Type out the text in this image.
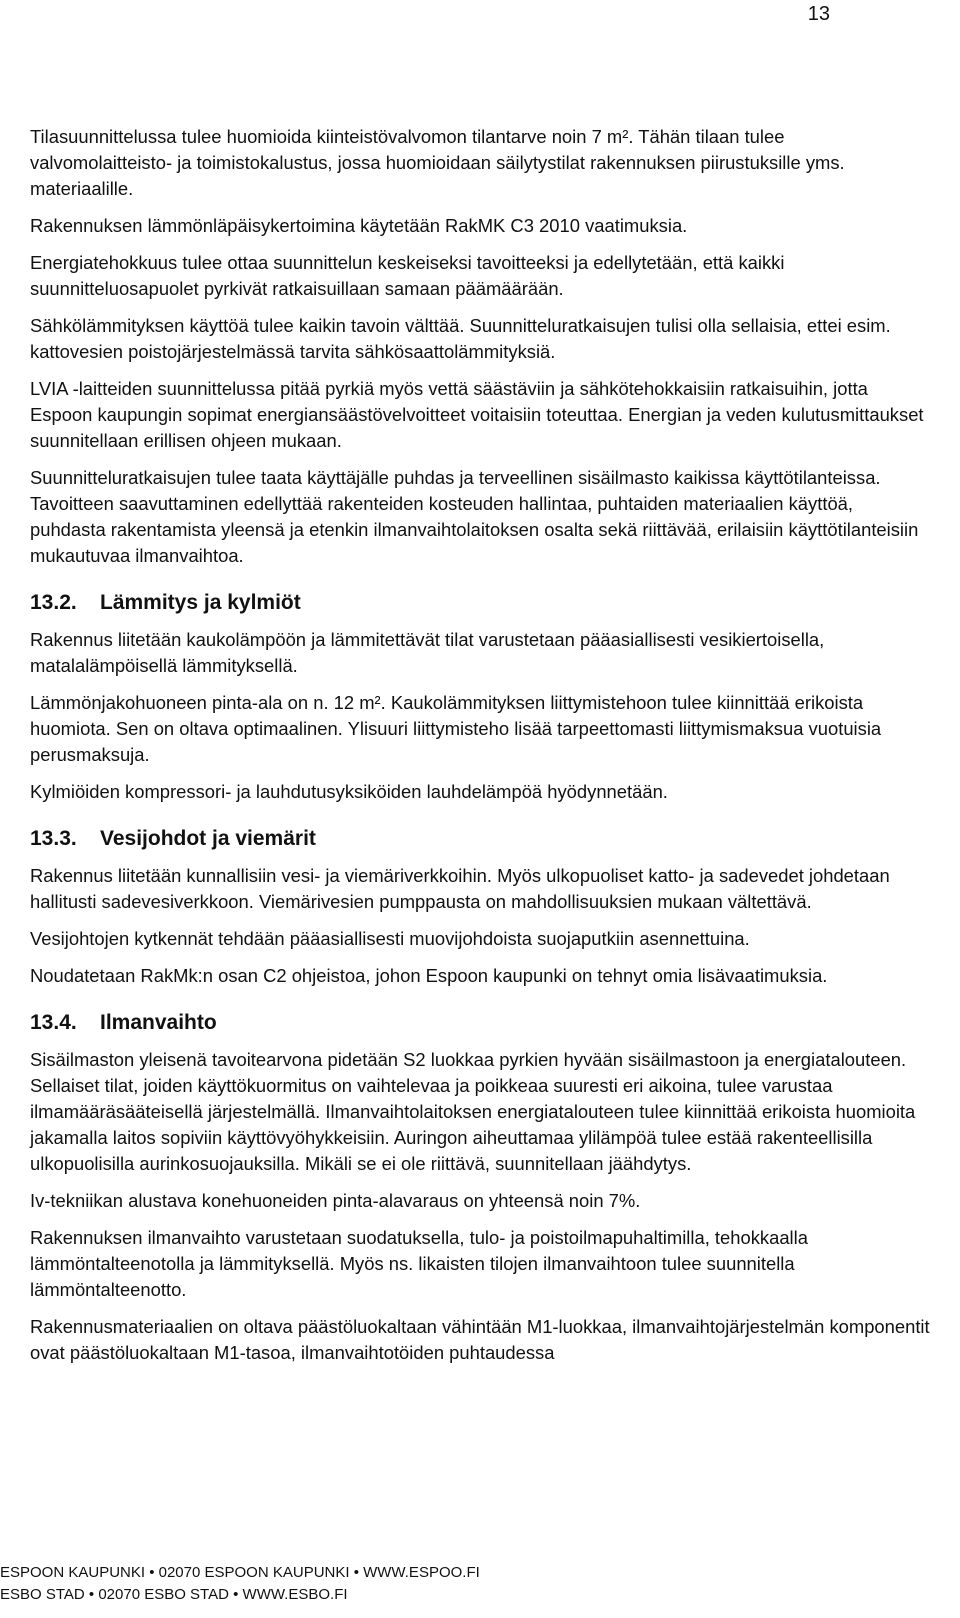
13

Tilasuunnittelussa tulee huomioida kiinteistövalvomon tilantarve noin 7 m². Tähän tilaan tulee valvomolaitteisto- ja toimistokalustus, jossa huomioidaan säilytystilat rakennuksen piirustuksille yms. materiaalille.

Rakennuksen lämmönläpäisykertoimina käytetään RakMK C3 2010 vaatimuksia.

Energiatehokkuus tulee ottaa suunnittelun keskeiseksi tavoitteeksi ja edellytetään, että kaikki suunnitteluosapuolet pyrkivät ratkaisuillaan samaan päämäärään.

Sähkölämmityksen käyttöä tulee kaikin tavoin välttää. Suunnitteluratkaisujen tulisi olla sellaisia, ettei esim. kattovesien poistojärjestelmässä tarvita sähkösaattolämmityksiä.

LVIA -laitteiden suunnittelussa pitää pyrkiä myös vettä säästäviin ja sähkötehokkaisiin ratkaisuihin, jotta Espoon kaupungin sopimat energiansäästövelvoitteet voitaisiin toteuttaa. Energian ja veden kulutusmittaukset suunnitellaan erillisen ohjeen mukaan.

Suunnitteluratkaisujen tulee taata käyttäjälle puhdas ja terveellinen sisäilmasto kaikissa käyttötilanteissa. Tavoitteen saavuttaminen edellyttää rakenteiden kosteuden hallintaa, puhtaiden materiaalien käyttöä, puhdasta rakentamista yleensä ja etenkin ilmanvaihtolaitoksen osalta sekä riittävää, erilaisiin käyttötilanteisiin mukautuvaa ilmanvaihtoa.

13.2. Lämmitys ja kylmiöt

Rakennus liitetään kaukolämpöön ja lämmitettävät tilat varustetaan pääasiallisesti vesikiertoisella, matalalämpöisellä lämmityksellä.

Lämmönjakohuoneen pinta-ala on n. 12 m². Kaukolämmityksen liittymistehoon tulee kiinnittää erikoista huomiota. Sen on oltava optimaalinen. Ylisuuri liittymisteho lisää tarpeettomasti liittymismaksua vuotuisia perusmaksuja.

Kylmiöiden kompressori- ja lauhdutusyksiköiden lauhdelämpöä hyödynnetään.

13.3. Vesijohdot ja viemärit

Rakennus liitetään kunnallisiin vesi- ja viemäriverkkoihin. Myös ulkopuoliset katto- ja sadevedet johdetaan hallitusti sadevesiverkkoon. Viemärivesien pumppausta on mahdollisuuksien mukaan vältettävä.

Vesijohtojen kytkennät tehdään pääasiallisesti muovijohdoista suojaputkiin asennettuina.

Noudatetaan RakMk:n osan C2 ohjeistoa, johon Espoon kaupunki on tehnyt omia lisävaatimuksia.

13.4. Ilmanvaihto

Sisäilmaston yleisenä tavoitearvona pidetään S2 luokkaa pyrkien hyvään sisäilmastoon ja energiatalouteen. Sellaiset tilat, joiden käyttökuormitus on vaihtelevaa ja poikkeaa suuresti eri aikoina, tulee varustaa ilmamääräsääteisellä järjestelmällä. Ilmanvaihtolaitoksen energiatalouteen tulee kiinnittää erikoista huomioita jakamalla laitos sopiviin käyttövyöhykkeisiin. Auringon aiheuttamaa ylilämpöä tulee estää rakenteellisilla ulkopuolisilla aurinkosuojauksilla. Mikäli se ei ole riittävä, suunnitellaan jäähdytys.

Iv-tekniikan alustava konehuoneiden pinta-alavaraus on yhteensä noin 7%.

Rakennuksen ilmanvaihto varustetaan suodatuksella, tulo- ja poistoilmapuhaltimilla, tehokkaalla lämmöntalteenotolla ja lämmityksellä. Myös ns. likaisten tilojen ilmanvaihtoon tulee suunnitella lämmöntalteenotto.

Rakennusmateriaalien on oltava päästöluokaltaan vähintään M1-luokkaa, ilmanvaihtojärjestelmän komponentit ovat päästöluokaltaan M1-tasoa, ilmanvaihtotöiden puhtaudessa

ESPOON KAUPUNKI • 02070 ESPOON KAUPUNKI • WWW.ESPOO.FI
ESBO STAD • 02070 ESBO STAD • WWW.ESBO.FI
